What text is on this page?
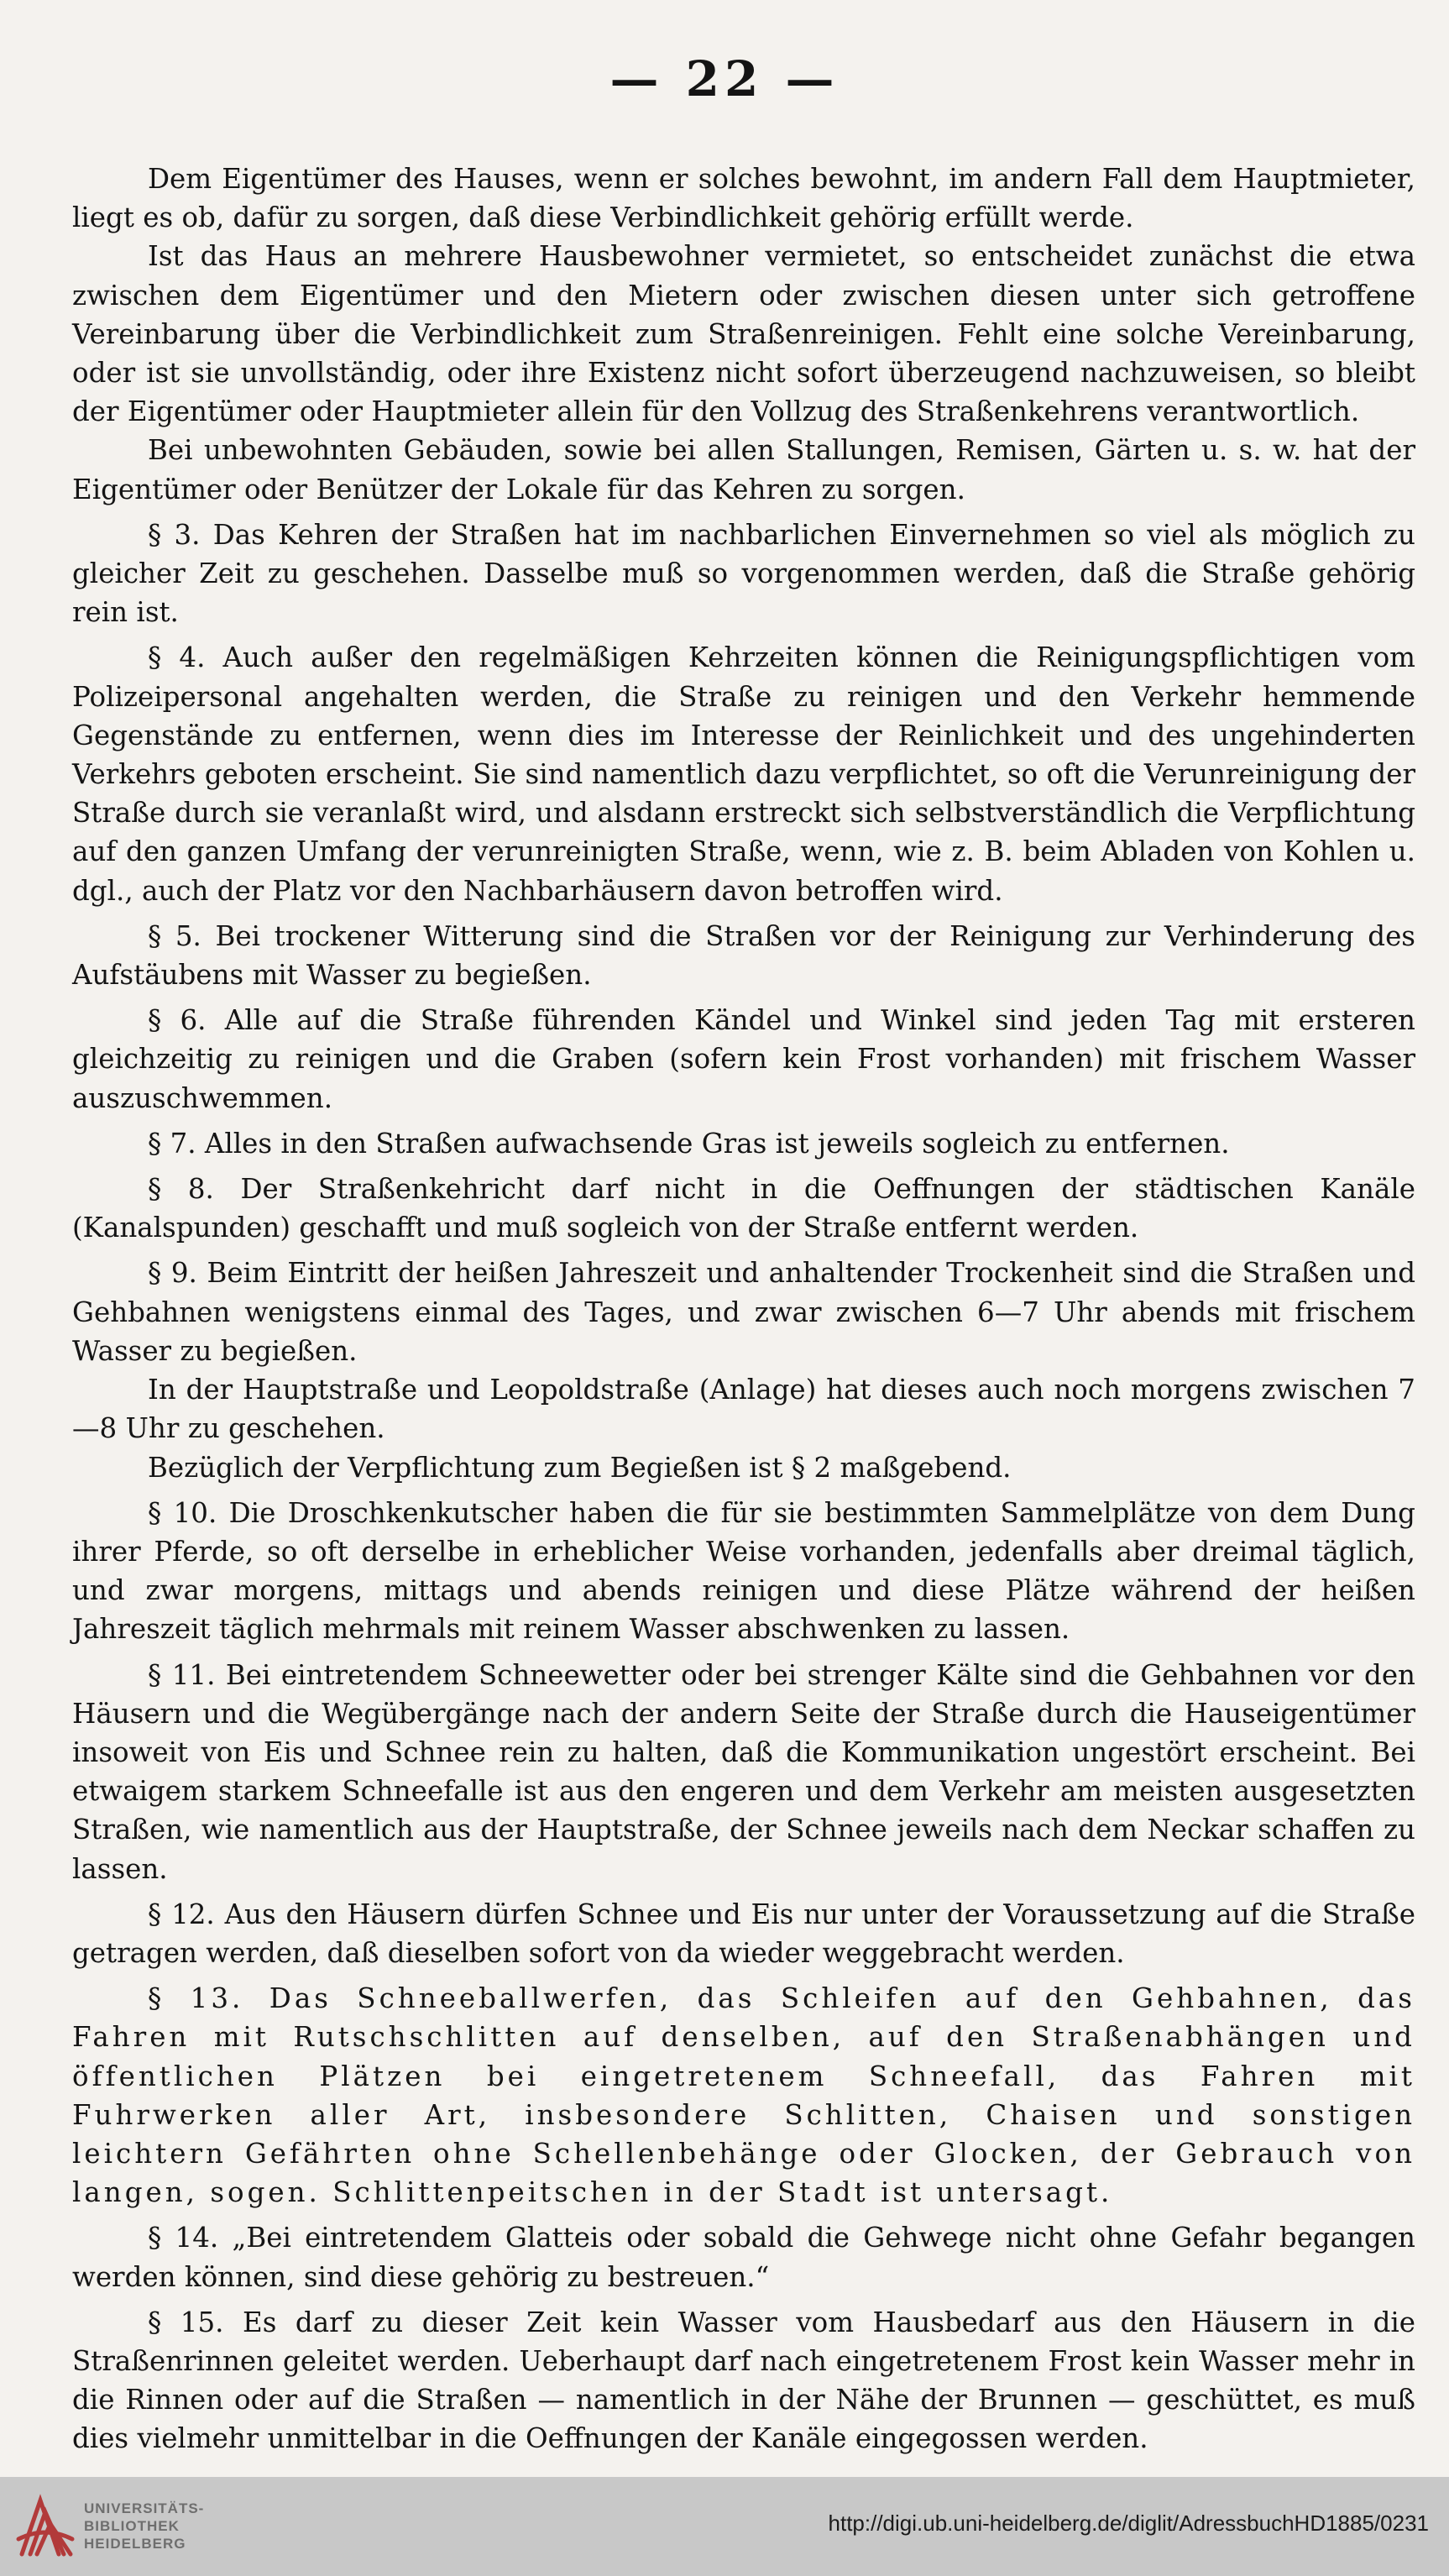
— 22 —

Dem Eigentümer des Hauses, wenn er solches bewohnt, im andern Fall dem Hauptmieter, liegt es ob, dafür zu sorgen, daß diese Verbindlichkeit gehörig erfüllt werde.

Ist das Haus an mehrere Hausbewohner vermietet, so entscheidet zunächst die etwa zwischen dem Eigentümer und den Mietern oder zwischen diesen unter sich getroffene Vereinbarung über die Verbindlichkeit zum Straßenreinigen. Fehlt eine solche Vereinbarung, oder ist sie unvollständig, oder ihre Existenz nicht sofort überzeugend nachzuweisen, so bleibt der Eigentümer oder Hauptmieter allein für den Vollzug des Straßenkehrens verantwortlich.

Bei unbewohnten Gebäuden, sowie bei allen Stallungen, Remisen, Gärten u. s. w. hat der Eigentümer oder Benützer der Lokale für das Kehren zu sorgen.

§ 3. Das Kehren der Straßen hat im nachbarlichen Einvernehmen so viel als möglich zu gleicher Zeit zu geschehen. Dasselbe muß so vorgenommen werden, daß die Straße gehörig rein ist.

§ 4. Auch außer den regelmäßigen Kehrzeiten können die Reinigungspflichtigen vom Polizeipersonal angehalten werden, die Straße zu reinigen und den Verkehr hemmende Gegenstände zu entfernen, wenn dies im Interesse der Reinlichkeit und des ungehinderten Verkehrs geboten erscheint. Sie sind namentlich dazu verpflichtet, so oft die Verunreinigung der Straße durch sie veranlaßt wird, und alsdann erstreckt sich selbstverständlich die Verpflichtung auf den ganzen Umfang der verunreinigten Straße, wenn, wie z. B. beim Abladen von Kohlen u. dgl., auch der Platz vor den Nachbarhäusern davon betroffen wird.

§ 5. Bei trockener Witterung sind die Straßen vor der Reinigung zur Verhinderung des Aufstäubens mit Wasser zu begießen.

§ 6. Alle auf die Straße führenden Kändel und Winkel sind jeden Tag mit ersteren gleichzeitig zu reinigen und die Graben (sofern kein Frost vorhanden) mit frischem Wasser auszuschwemmen.

§ 7. Alles in den Straßen aufwachsende Gras ist jeweils sogleich zu entfernen.

§ 8. Der Straßenkehricht darf nicht in die Oeffnungen der städtischen Kanäle (Kanalspunden) geschafft und muß sogleich von der Straße entfernt werden.

§ 9. Beim Eintritt der heißen Jahreszeit und anhaltender Trockenheit sind die Straßen und Gehbahnen wenigstens einmal des Tages, und zwar zwischen 6—7 Uhr abends mit frischem Wasser zu begießen.

In der Hauptstraße und Leopoldstraße (Anlage) hat dieses auch noch morgens zwischen 7—8 Uhr zu geschehen.

Bezüglich der Verpflichtung zum Begießen ist § 2 maßgebend.

§ 10. Die Droschkenkutscher haben die für sie bestimmten Sammelplätze von dem Dung ihrer Pferde, so oft derselbe in erheblicher Weise vorhanden, jedenfalls aber dreimal täglich, und zwar morgens, mittags und abends reinigen und diese Plätze während der heißen Jahreszeit täglich mehrmals mit reinem Wasser abschwenken zu lassen.

§ 11. Bei eintretendem Schneewetter oder bei strenger Kälte sind die Gehbahnen vor den Häusern und die Wegübergänge nach der andern Seite der Straße durch die Hauseigentümer insoweit von Eis und Schnee rein zu halten, daß die Kommunikation ungestört erscheint. Bei etwaigem starkem Schneefalle ist aus den engeren und dem Verkehr am meisten ausgesetzten Straßen, wie namentlich aus der Hauptstraße, der Schnee jeweils nach dem Neckar schaffen zu lassen.

§ 12. Aus den Häusern dürfen Schnee und Eis nur unter der Voraussetzung auf die Straße getragen werden, daß dieselben sofort von da wieder weggebracht werden.

§ 13. Das Schneeballwerfen, das Schleifen auf den Gehbahnen, das Fahren mit Rutschschlitten auf denselben, auf den Straßenabhängen und öffentlichen Plätzen bei eingetretenem Schneefall, das Fahren mit Fuhrwerken aller Art, insbesondere Schlitten, Chaisen und sonstigen leichtern Gefährten ohne Schellenbehänge oder Glocken, der Gebrauch von langen, sogen. Schlittenpeitschen in der Stadt ist untersagt.

§ 14. „Bei eintretendem Glatteis oder sobald die Gehwege nicht ohne Gefahr begangen werden können, sind diese gehörig zu bestreuen.“

§ 15. Es darf zu dieser Zeit kein Wasser vom Hausbedarf aus den Häusern in die Straßenrinnen geleitet werden. Ueberhaupt darf nach eingetretenem Frost kein Wasser mehr in die Rinnen oder auf die Straßen — namentlich in der Nähe der Brunnen — geschüttet, es muß dies vielmehr unmittelbar in die Oeffnungen der Kanäle eingegossen werden.

UNIVERSITÄTS-
BIBLIOTHEK
HEIDELBERG
http://digi.ub.uni-heidelberg.de/diglit/AdressbuchHD1885/0231
